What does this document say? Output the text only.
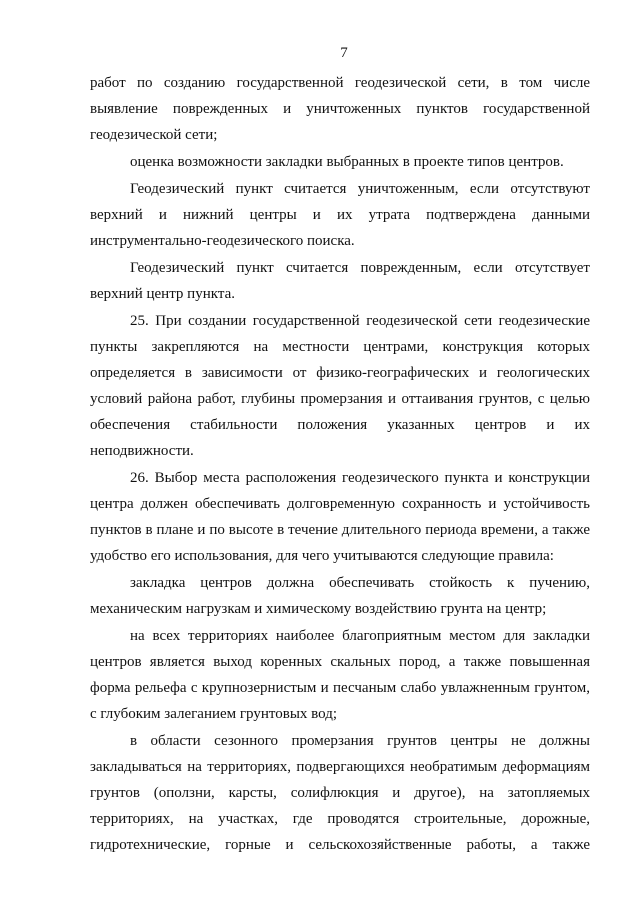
7
работ по созданию государственной геодезической сети, в том числе
выявление поврежденных и уничтоженных пунктов государственной
геодезической сети;
оценка возможности закладки выбранных в проекте типов центров.
Геодезический пункт считается уничтоженным, если отсутствуют
верхний и нижний центры и их утрата подтверждена данными
инструментально-геодезического поиска.
Геодезический пункт считается поврежденным, если отсутствует
верхний центр пункта.
25. При создании государственной геодезической сети геодезические
пункты закрепляются на местности центрами, конструкция которых
определяется в зависимости от физико-географических и геологических
условий района работ, глубины промерзания и оттаивания грунтов, с целью
обеспечения стабильности положения указанных центров и их
неподвижности.
26. Выбор места расположения геодезического пункта и конструкции
центра должен обеспечивать долговременную сохранность и устойчивость
пунктов в плане и по высоте в течение длительного периода времени, а также
удобство его использования, для чего учитываются следующие правила:
закладка центров должна обеспечивать стойкость к пучению,
механическим нагрузкам и химическому воздействию грунта на центр;
на всех территориях наиболее благоприятным местом для закладки
центров является выход коренных скальных пород, а также повышенная
форма рельефа с крупнозернистым и песчаным слабо увлажненным грунтом,
с глубоким залеганием грунтовых вод;
в области сезонного промерзания грунтов центры не должны
закладываться на территориях, подвергающихся необратимым деформациям
грунтов (оползни, карсты, солифлюкция и другое), на затопляемых
территориях, на участках, где проводятся строительные, дорожные,
гидротехнические, горные и сельскохозяйственные работы, а также
